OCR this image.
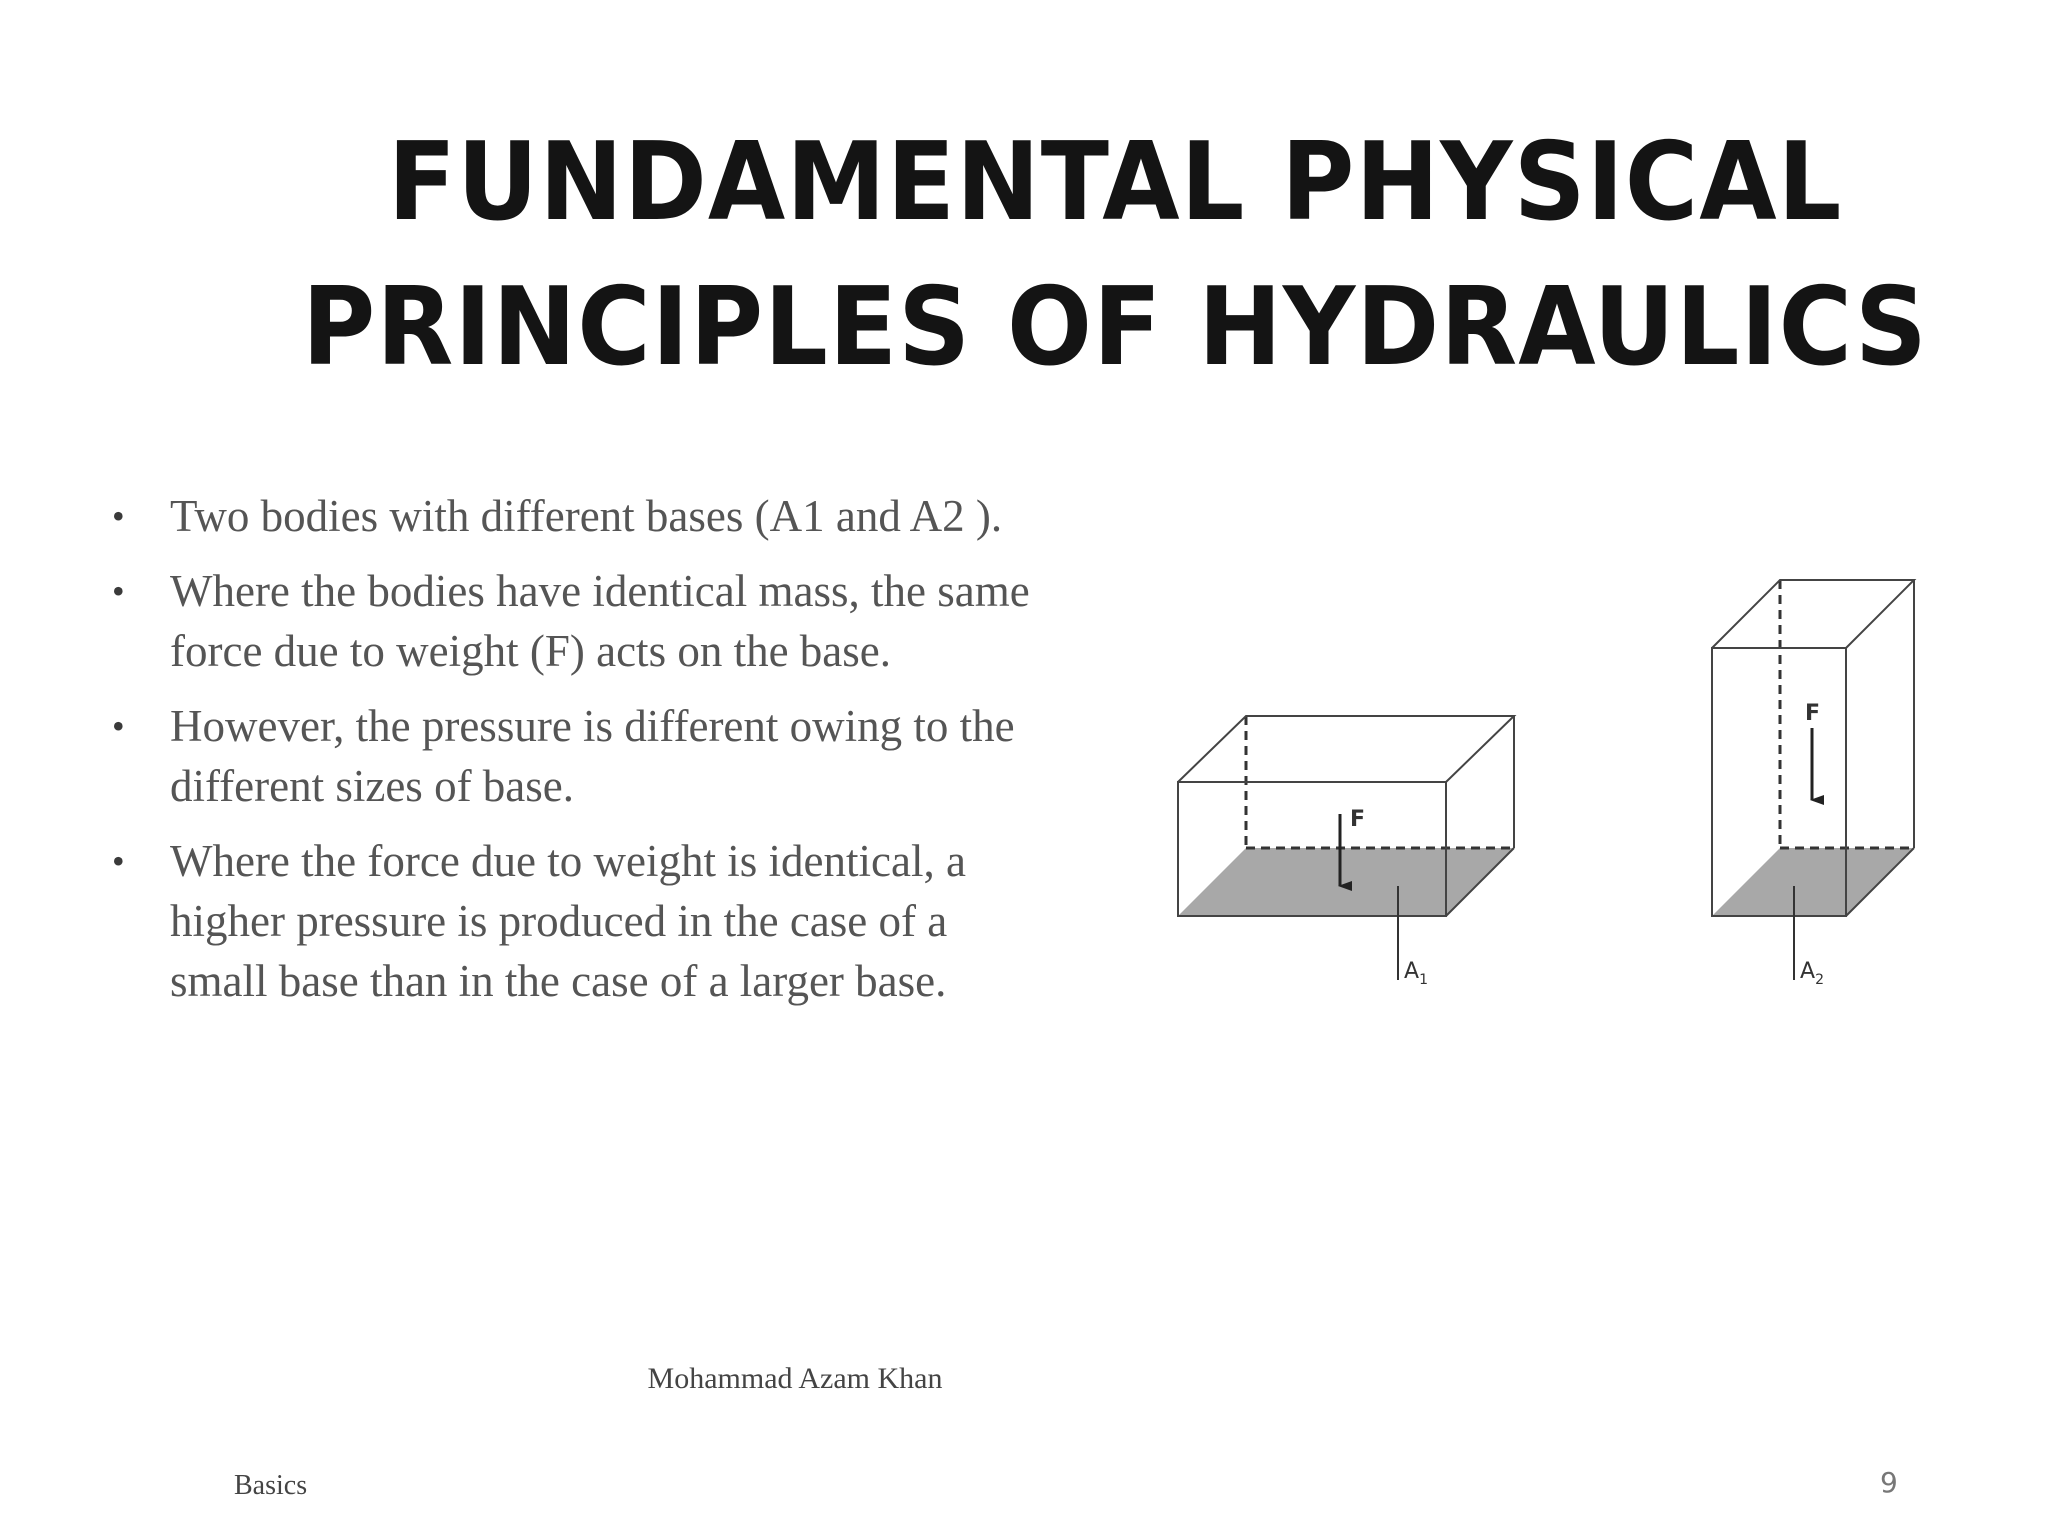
FUNDAMENTAL PHYSICAL
PRINCIPLES OF HYDRAULICS
• Two bodies with different bases (A1 and A2 ).
• Where the bodies have identical mass, the same force due to weight (F) acts on the base.
• However, the pressure is different owing to the different sizes of base.
• Where the force due to weight is identical, a higher pressure is produced in the case of a small base than in the case of a larger base.
F
$A_1$
F
$A_2$
Mohammad Azam Khan
Basics	9
